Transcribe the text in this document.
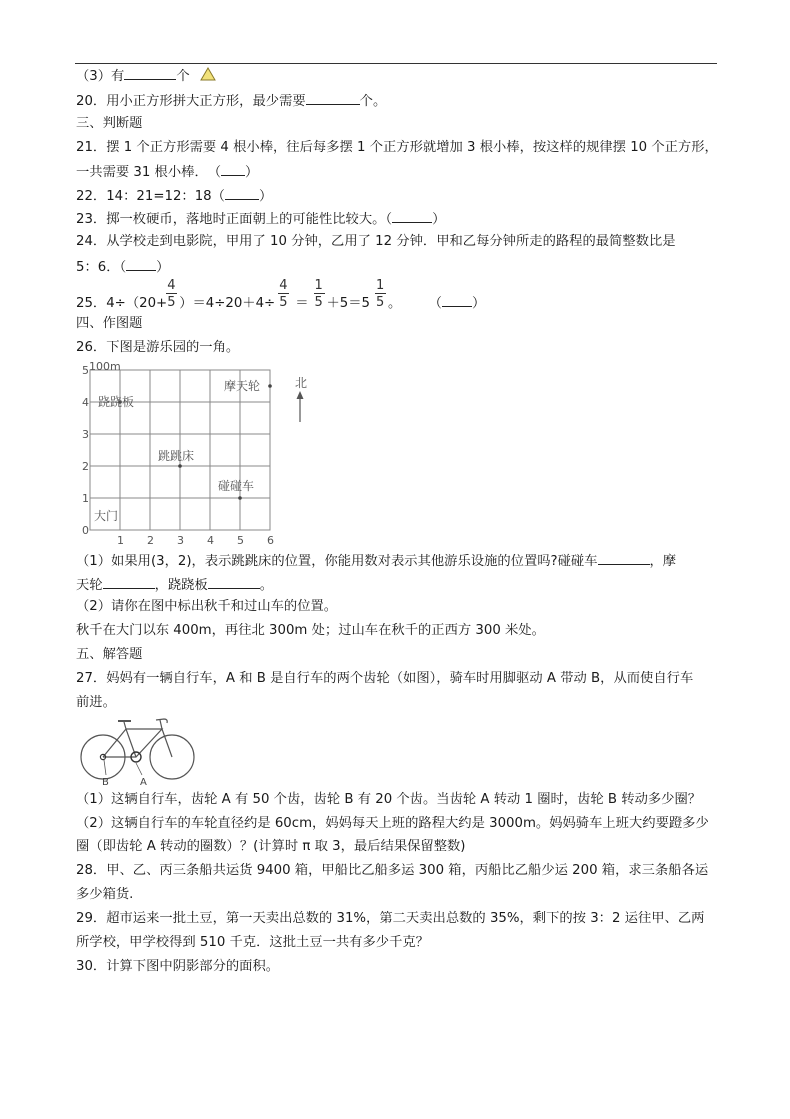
（3）有	个
20．用小正方形拼大正方形，最少需要	个。
三、判断题
21．摆 1 个正方形需要 4 根小棒，往后每多摆 1 个正方形就增加 3 根小棒，按这样的规律摆 10 个正方形，
一共需要 31 根小棒．　（ ）
22．14：21=12：18（	）
23．掷一枚硬币，落地时正面朝上的可能性比较大。（	）
24．从学校走到电影院，甲用了 10 分钟，乙用了 12 分钟．甲和乙每分钟所走的路程的最简整数比是
5：6．（ ）
25．$4\div(20+ \frac{4}{5} )=4\div 20+4\div \frac{4}{5} = \frac{1}{5} +5=5 \frac{1}{5}$ 。	（ ）
四、作图题
26．下图是游乐园的一角。
100m
0
1
2
3
4
5
1 2 3 4 5 6
跷跷板
摩天轮
跳跳床
碰碰车
大门
北
（1）如果用(3，2)，表示跳跳床的位置，你能用数对表示其他游乐设施的位置吗?碰碰车	，摩
天轮	，跷跷板	。
（2）请你在图中标出秋千和过山车的位置。
秋千在大门以东 400m，再往北 300m 处；过山车在秋千的正西方 300 米处。
五、解答题
27．妈妈有一辆自行车，A 和 B 是自行车的两个齿轮（如图），骑车时用脚驱动 A 带动 B，从而使自行车
前进。
B	A
（1）这辆自行车，齿轮 A 有 50 个齿，齿轮 B 有 20 个齿。当齿轮 A 转动 1 圈时，齿轮 B 转动多少圈？
（2）这辆自行车的车轮直径约是 60cm，妈妈每天上班的路程大约是 3000m。妈妈骑车上班大约要蹬多少
圈（即齿轮 A 转动的圈数）？(计算时 π 取 3，最后结果保留整数)
28．甲、乙、丙三条船共运货 9400 箱，甲船比乙船多运 300 箱，丙船比乙船少运 200 箱，求三条船各运
多少箱货.
29．超市运来一批土豆，第一天卖出总数的 31%，第二天卖出总数的 35%，剩下的按 3：2 运往甲、乙两
所学校，甲学校得到 510 千克．这批土豆一共有多少千克？
30．计算下图中阴影部分的面积。
